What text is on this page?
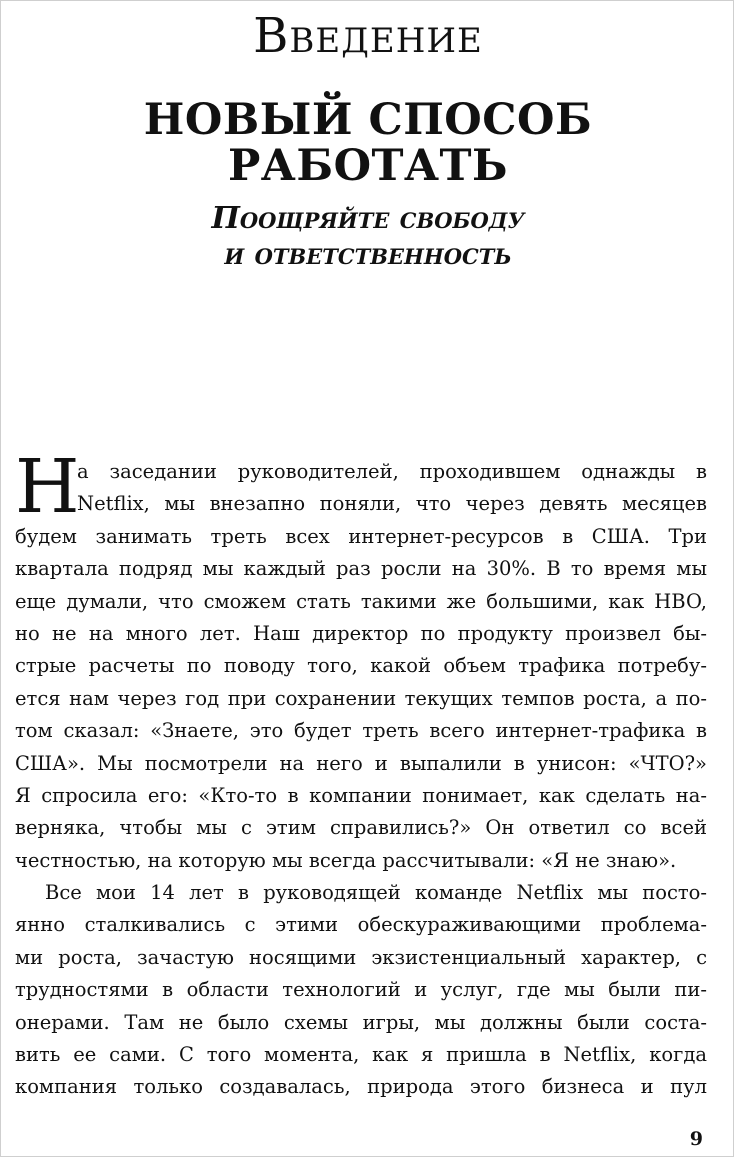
Введение
НОВЫЙ СПОСОБ
РАБОТАТЬ
Поощряйте свободу
и ответственность
Н
а заседании руководителей, проходившем однажды в
Netflix, мы внезапно поняли, что через девять месяцев
будем занимать треть всех интернет-ресурсов в США. Три
квартала подряд мы каждый раз росли на 30%. В то время мы
еще думали, что сможем стать такими же большими, как HBO,
но не на много лет. Наш директор по продукту произвел бы-
стрые расчеты по поводу того, какой объем трафика потребу-
ется нам через год при сохранении текущих темпов роста, а по-
том сказал: «Знаете, это будет треть всего интернет-трафика в
США». Мы посмотрели на него и выпалили в унисон: «ЧТО?»
Я спросила его: «Кто-то в компании понимает, как сделать на-
верняка, чтобы мы с этим справились?» Он ответил со всей
честностью, на которую мы всегда рассчитывали: «Я не знаю».
Все мои 14 лет в руководящей команде Netflix мы посто-
янно сталкивались с этими обескураживающими проблема-
ми роста, зачастую носящими экзистенциальный характер, с
трудностями в области технологий и услуг, где мы были пи-
онерами. Там не было схемы игры, мы должны были состa-
вить ее сами. С того момента, как я пришла в Netflix, когда
компания только создавалась, природа этого бизнеса и пул
9
